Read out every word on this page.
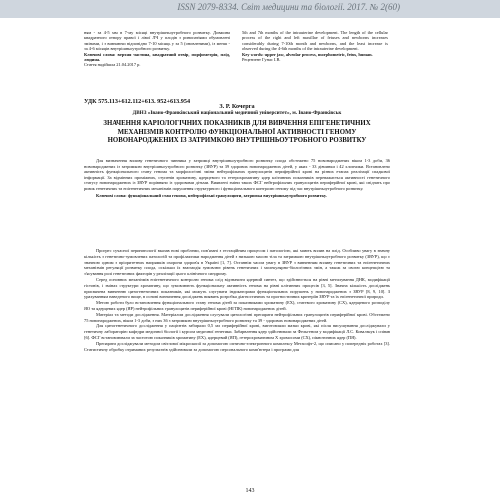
ISSN 2079-8334. Світ медицини та біології. 2017. № 2(60)

ням - за 4-5 мм в 7-му місяці внутрішньоутробного розвитку. Довжина квадратного отвору правої і лівої ЛЧ у плодів з ринопатіями обумовлені змінами, і з вивчаючи відповідно 7-10 місяць у за 5 (оновленими), із менш - за 4-6 місяців внутрішньоутробного розвитку.

Ключові слова: верхня частина, квадратний отвір, морфометрія, плід, людина.

Стаття надійшла 21.04.2017 р.

5th and 7th months of the intrauterine development. The length of the cellular process of the right and left maxillae of fetuses and newborns increases considerably during 7-10th month and newborns, and the least increase is observed during the 4-6th months of the intrauterine development.

Key words: upper jaw, alveolar process, morphometric, fetus, human.

Рецензент Гунас І.В.

УДК 575.113+612.112+613. 952+613.954
З. Р. Кочерга
ДВНЗ «Івано-Франківський національний медичний університет», м. Івано-Франківськ
ЗНАЧЕННЯ КАРІОЛОГІЧНИХ ПОКАЗНИКІВ ДЛЯ ВИВЧЕННЯ ЕПІГЕНЕТИЧНИХ МЕХАНІЗМІВ КОНТРОЛЮ ФУНКЦІОНАЛЬНОЇ АКТИВНОСТІ ГЕНОМУ НОВОНАРОДЖЕНИХ ІЗ ЗАТРИМКОЮ ВНУТРІШНЬОУТРОБНОГО РОЗВИТКУ

Для визначення впливу генетичного чинника у затримці внутрішньоутробного розвитку плода обстежено 75 новонароджених віком 1-3 доби, 36 новонароджених із затримкою внутрішньоутробного розвитку (ЗВУР) та 39 здорових новонароджених дітей, у яких - 33 дівчинки і 42 хлопчики. Встановлено активність функціонального стану генома та морфологічні зміни нейтрофільних гранулоцитів периферійної крові на різних етапах реалізації спадкової інформації. За відмінних проміжних, ступенів хроматину, ядерцевого та гетерохроматину ядер клітинних показників переважається активності генетичного статусу новонароджених із ЗВУР порівняно із здоровими дітьми. Виявлені зміни таких ФСГ нейтрофільних гранулоцитів периферійної крові, які свідчать про ризик генетичних та епігенетичних механізмів порушення структурного і функціонального контролю геному під час внутрішньоутробного розвитку.

Ключові слова: функціональний стан генома, нейтрофільні гранулоцити, затримка внутрішньоутробного розвитку.

Прогрес сучасної перинатології вказав нові проблеми, пов'язані з гестаційним процесом і патологією, які мають вплив на плід. Особливо увагу в значну кількість з генетично-зумовлених патологій та профілактики народження дітей з низькою масою тіла та затримкою внутрішньоутробного розвитку (ЗВУР), що є значною одним з пріоритетних напрямків охорони здоров'я в Україні [1, 7]. Останнім часом увагу в ЗВУР з вивченням впливу генетичних та епігенетичних механізмів регуляції розвитку плода, оскільки їх взаємодія зумовлює рівень генетичних і молекулярно-біологічних змін, а також за своєю концепцією та з'ясування ролі генетичних факторів у реалізації цього клінічного синдрому.

Серед основних механізмів епігенетичного контролю генома слід відзначити ядерний синтез, що здійснюється на рівні метилування ДНК, модифікації гістонів, і змінах структури хроматину, що зумовлюють функціональну активність генома на рівні клітинних процесів [3, 5]. Значна кількість досліджень присвячена вивченню цитогенетичних показників, які можуть слугувати індикаторами функціональних порушень у новонароджених з ЗВУР [8, 9, 10]. З урахуванням наведеного вище, в основі визначення досліджень виявить розробка діагностичних та прогностичних критеріїв ЗВУР та їх епігенетичної природи.

Метою роботи було встановлення функціонального стану генома дітей за показниками хроматину (ЕХ), статевого хроматину (СХ), ядерцевого розподілу ЯО та ядерцевих ядер (ЯР) нейтрофільних гранулоцитів периферійної крові (НГПК) новонароджених дітей.

Матеріал та методи дослідження. Матеріалом дослідження слугували цитологічні препарати нейтрофільних гранулоцитів периферійної крові. Обстежено 75 новонароджених, віком 1-3 доби, з них 36 з затримкою внутрішньоутробного розвитку та 39 - здорових новонароджених дітей.

Для цитогенетичного дослідження у пацієнтів забирали 0,5 мл периферійної крові, виготовляли мазки крові, які після висушування досліджували у генетичну лабораторію кафедри медичної біології і курсом медичної генетики. Забарвлення ядер здійснювали за Фельгеном у модифікації Л.С. Ковальчук і співав [6]. ФСГ встановлювали за частотою показників хроматину (ЕХ), ядерцевий (ЯП), гетерохроматином Х хромосоми (СХ), пікнотичних ядер (ПЯ).

Препарати досліджували методом світлової мікроскопії за допомогою оптично-електронного комплексу Метасофт-2, що описано у попередніх роботах [3]. Статистичну обробку отриманих результатів здійснювали за допомогою персонального комп'ютера і програми для

143
